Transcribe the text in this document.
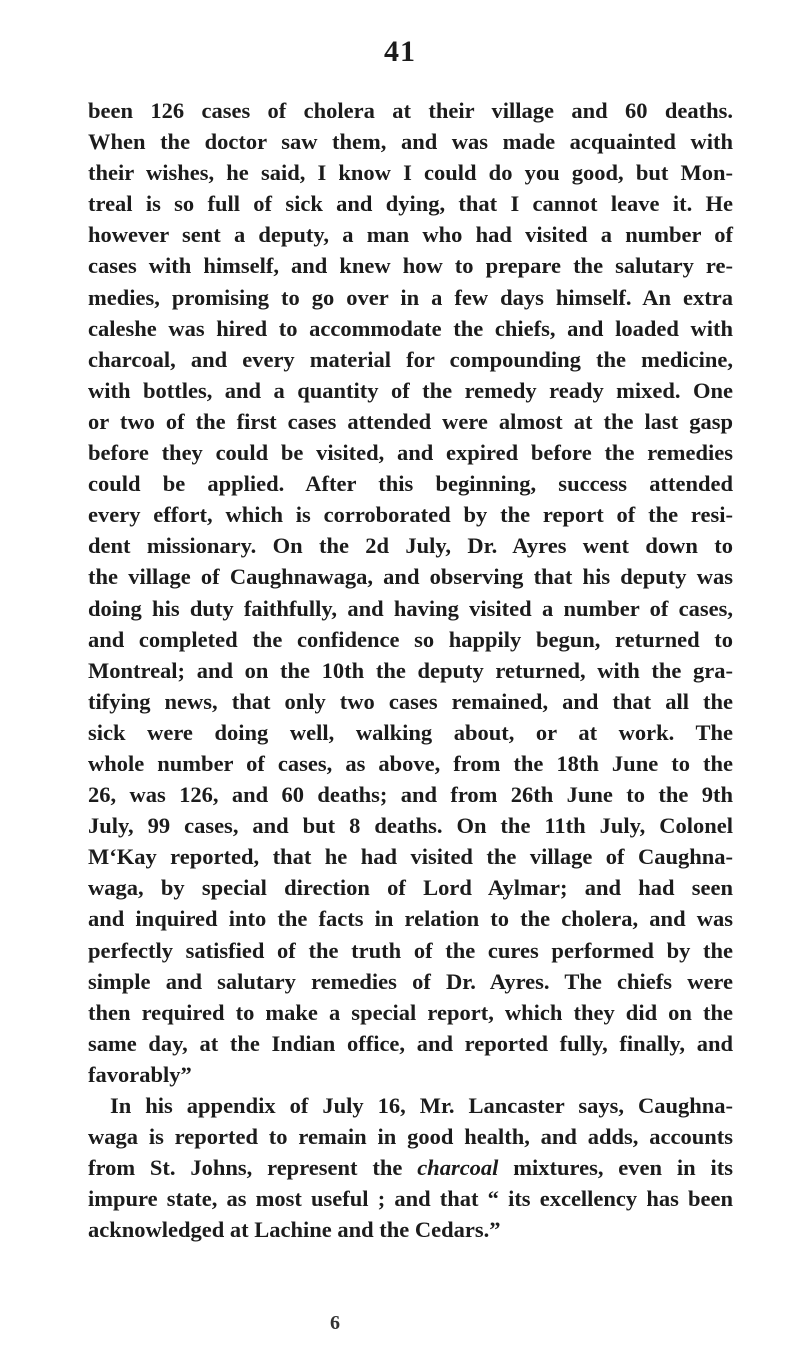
41
been 126 cases of cholera at their village and 60 deaths.
When the doctor saw them, and was made acquainted with
their wishes, he said, I know I could do you good, but Mon-
treal is so full of sick and dying, that I cannot leave it. He
however sent a deputy, a man who had visited a number of
cases with himself, and knew how to prepare the salutary re-
medies, promising to go over in a few days himself. An extra
caleshe was hired to accommodate the chiefs, and loaded with
charcoal, and every material for compounding the medicine,
with bottles, and a quantity of the remedy ready mixed. One
or two of the first cases attended were almost at the last gasp
before they could be visited, and expired before the remedies
could be applied. After this beginning, success attended
every effort, which is corroborated by the report of the resi-
dent missionary. On the 2d July, Dr. Ayres went down to
the village of Caughnawaga, and observing that his deputy was
doing his duty faithfully, and having visited a number of cases,
and completed the confidence so happily begun, returned to
Montreal; and on the 10th the deputy returned, with the gra-
tifying news, that only two cases remained, and that all the
sick were doing well, walking about, or at work. The
whole number of cases, as above, from the 18th June to the
26, was 126, and 60 deaths; and from 26th June to the 9th
July, 99 cases, and but 8 deaths. On the 11th July, Colonel
M‘Kay reported, that he had visited the village of Caughna-
waga, by special direction of Lord Aylmar; and had seen
and inquired into the facts in relation to the cholera, and was
perfectly satisfied of the truth of the cures performed by the
simple and salutary remedies of Dr. Ayres. The chiefs were
then required to make a special report, which they did on the
same day, at the Indian office, and reported fully, finally, and
favorably”
In his appendix of July 16, Mr. Lancaster says, Caughna-
waga is reported to remain in good health, and adds, accounts
from St. Johns, represent the charcoal mixtures, even in its
impure state, as most useful ; and that “ its excellency has been
acknowledged at Lachine and the Cedars.”
6
